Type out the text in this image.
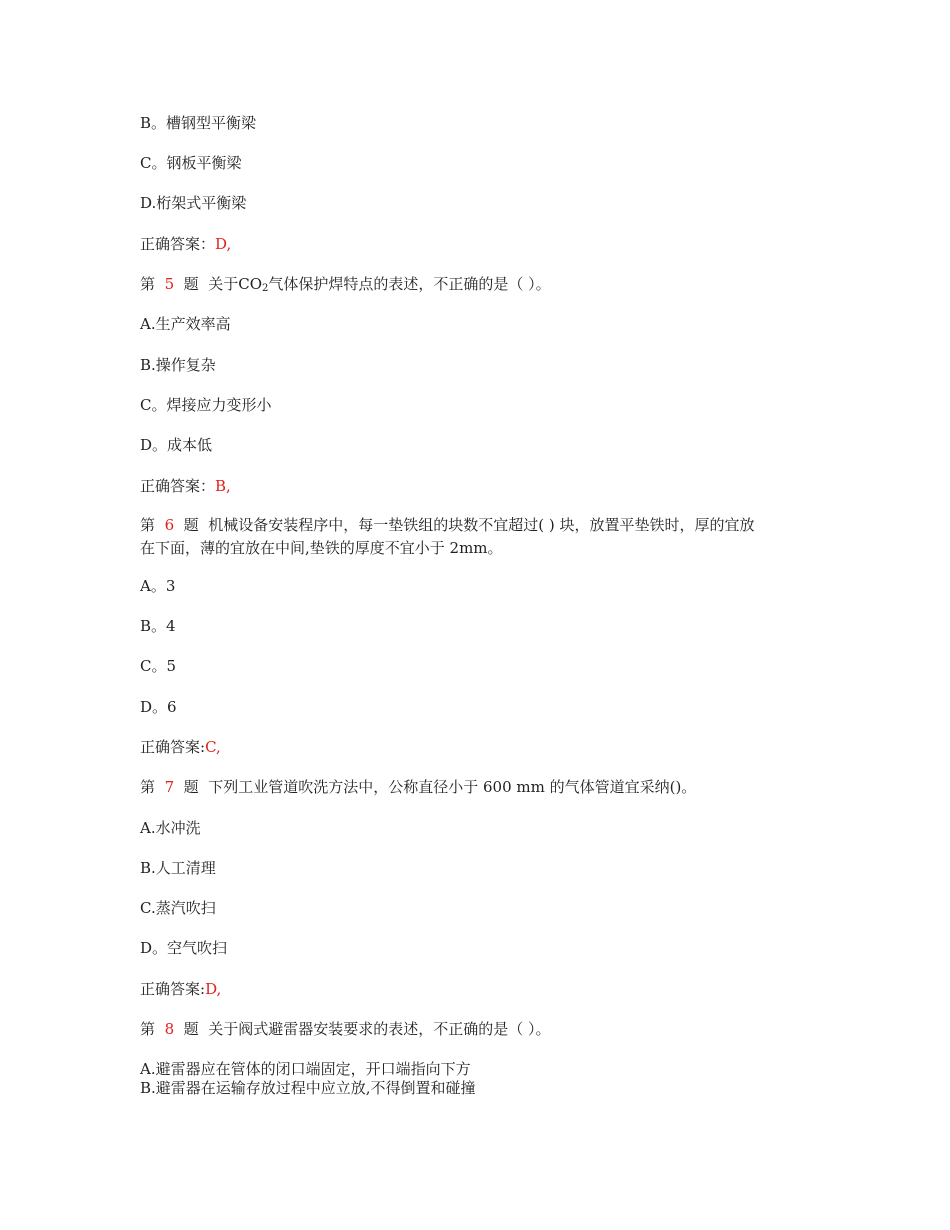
B。槽钢型平衡梁
C。钢板平衡梁
D.桁架式平衡梁
正确答案：D,
第 5 题 关于$CO_2$气体保护焊特点的表述，不正确的是（ ）。
A.生产效率高
B.操作复杂
C。焊接应力变形小
D。成本低
正确答案：B,
第 6 题 机械设备安装程序中，每一垫铁组的块数不宜超过( ) 块，放置平垫铁时，厚的宜放
在下面，薄的宜放在中间,垫铁的厚度不宜小于 2mm。
A。3
B。4
C。5
D。6
正确答案:C,
第 7 题 下列工业管道吹洗方法中，公称直径小于 600 mm 的气体管道宜采纳()。
A.水冲洗
B.人工清理
C.蒸汽吹扫
D。空气吹扫
正确答案:D,
第 8 题 关于阀式避雷器安装要求的表述，不正确的是（ ）。
A.避雷器应在管体的闭口端固定，开口端指向下方
B.避雷器在运输存放过程中应立放,不得倒置和碰撞
